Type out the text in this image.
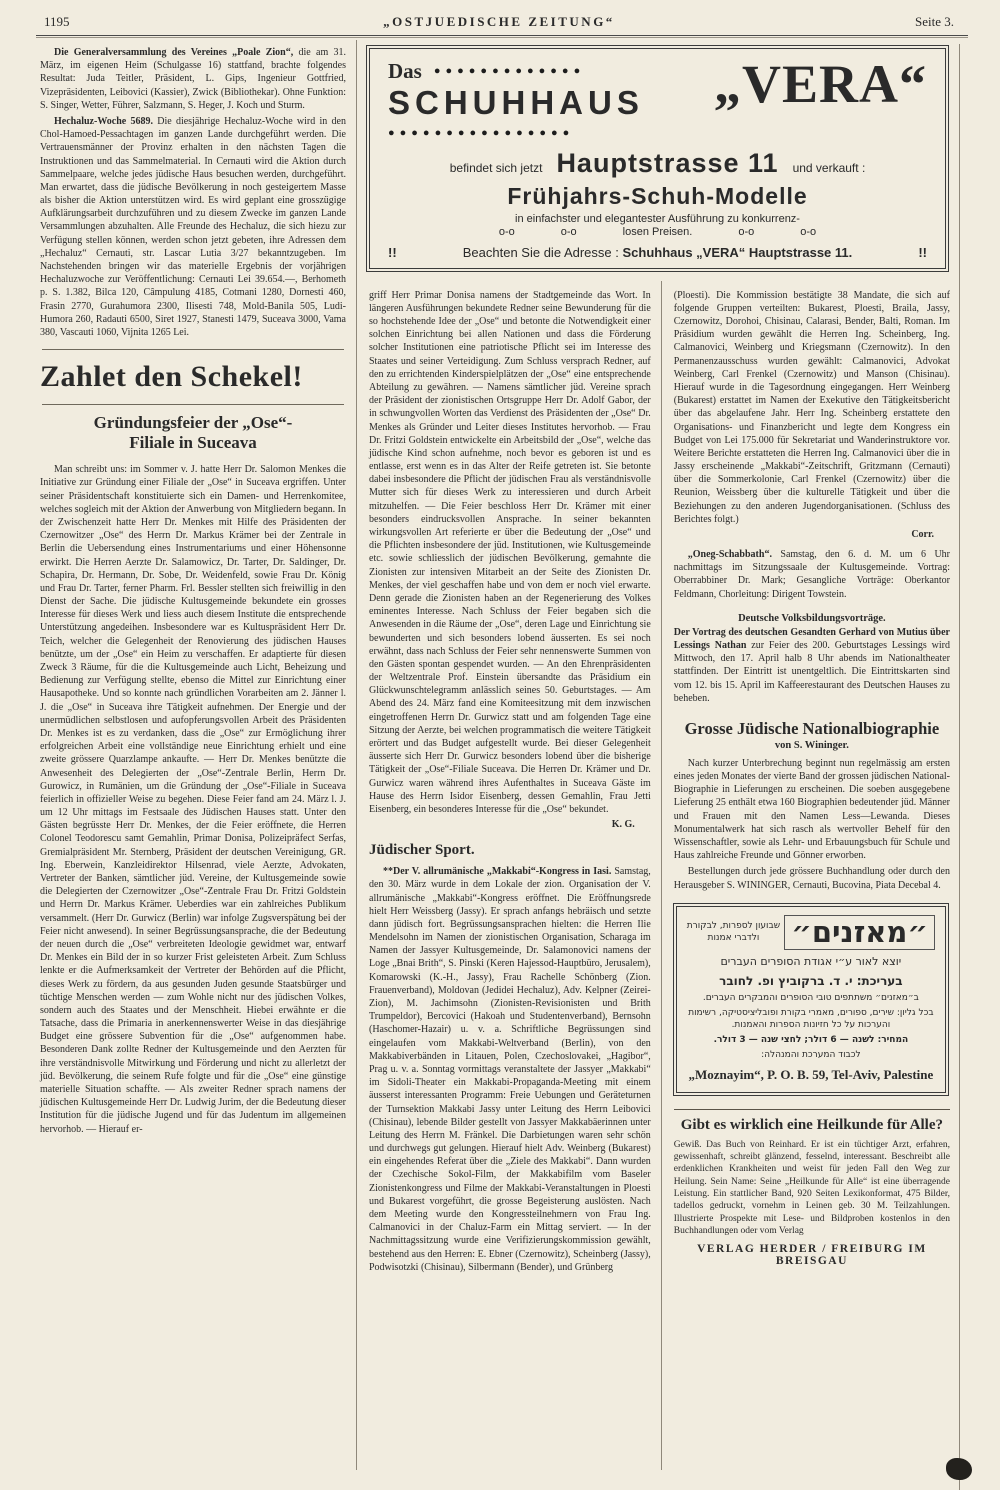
1195	„OSTJUEDISCHE ZEITUNG“	Seite 3.

Die Generalversammlung des Vereines „Poale Zion“, die am 31. März, im eigenen Heim (Schulgasse 16) stattfand, brachte folgendes Resultat: Juda Teitler, Präsident, L. Gips, Ingenieur Gottfried, Vizepräsidenten, Leibovici (Kassier), Zwick (Bibliothekar). Ohne Funktion: S. Singer, Wetter, Führer, Salzmann, S. Heger, J. Koch und Sturm.

Hechaluz-Woche 5689. Die diesjährige Hechaluz-Woche wird in den Chol-Hamoed-Pessachtagen im ganzen Lande durchgeführt werden. Die Vertrauensmänner der Provinz erhalten in den nächsten Tagen die Instruktionen und das Sammelmaterial. In Cernauti wird die Aktion durch Sammelpaare, welche jedes jüdische Haus besuchen werden, durchgeführt. Man erwartet, dass die jüdische Bevölkerung in noch gesteigertem Masse als bisher die Aktion unterstützen wird. Es wird geplant eine grosszügige Aufklärungsarbeit durchzuführen und zu diesem Zwecke im ganzen Lande Versammlungen abzuhalten. Alle Freunde des Hechaluz, die sich hiezu zur Verfügung stellen können, werden schon jetzt gebeten, ihre Adressen dem „Hechaluz“ Cernauti, str. Lascar Lutia 3/27 bekanntzugeben. Im Nachstehenden bringen wir das materielle Ergebnis der vorjährigen Hechaluzwoche zur Veröffentlichung: Cernauti Lei 39.654.—, Berhometh p. S. 1.382, Bilca 120, Câmpulung 4185, Cotmani 1280, Dornesti 460, Frasin 2770, Gurahumora 2300, Ilisesti 748, Mold-Banila 505, Ludi-Humora 260, Radauti 6500, Siret 1927, Stanesti 1479, Suceava 3000, Vama 380, Vascauti 1060, Vijnita 1265 Lei.

Zahlet den Schekel!
Gründungsfeier der „Ose“-
Filiale in Suceava

Man schreibt uns: im Sommer v. J. hatte Herr Dr. Salomon Menkes die Initiative zur Gründung einer Filiale der „Ose“ in Suceava ergriffen. Unter seiner Präsidentschaft konstituierte sich ein Damen- und Herrenkomitee, welches sogleich mit der Aktion der Anwerbung von Mitgliedern begann. In der Zwischenzeit hatte Herr Dr. Menkes mit Hilfe des Präsidenten der Czernowitzer „Ose“ des Herrn Dr. Markus Krämer bei der Zentrale in Berlin die Uebersendung eines Instrumentariums und einer Höhensonne erwirkt. Die Herren Aerzte Dr. Salamowicz, Dr. Tarter, Dr. Saldinger, Dr. Schapira, Dr. Hermann, Dr. Sobe, Dr. Weidenfeld, sowie Frau Dr. König und Frau Dr. Tarter, ferner Pharm. Frl. Bessler stellten sich freiwillig in den Dienst der Sache. Die jüdische Kultusgemeinde bekundete ein grosses Interesse für dieses Werk und liess auch diesem Institute die entsprechende Unterstützung angedeihen. Insbesondere war es Kultuspräsident Herr Dr. Teich, welcher die Gelegenheit der Renovierung des jüdischen Hauses benützte, um der „Ose“ ein Heim zu verschaffen. Er adaptierte für diesen Zweck 3 Räume, für die die Kultusgemeinde auch Licht, Beheizung und Bedienung zur Verfügung stellte, ebenso die Mittel zur Einrichtung einer Hausapotheke. Und so konnte nach gründlichen Vorarbeiten am 2. Jänner l. J. die „Ose“ in Suceava ihre Tätigkeit aufnehmen. Der Energie und der unermüdlichen selbstlosen und aufopferungsvollen Arbeit des Präsidenten Dr. Menkes ist es zu verdanken, dass die „Ose“ zur Ermöglichung ihrer erfolgreichen Arbeit eine vollständige neue Einrichtung erhielt und eine zweite grössere Quarzlampe ankaufte. — Herr Dr. Menkes benützte die Anwesenheit des Delegierten der „Ose“-Zentrale Berlin, Herrn Dr. Gurowicz, in Rumänien, um die Gründung der „Ose“-Filiale in Suceava feierlich in offizieller Weise zu begehen. Diese Feier fand am 24. März l. J. um 12 Uhr mittags im Festsaale des Jüdischen Hauses statt. Unter den Gästen begrüsste Herr Dr. Menkes, der die Feier eröffnete, die Herren Colonel Teodorescu samt Gemahlin, Primar Donisa, Polizeipräfect Serfas, Gremialpräsident Mr. Sternberg, Präsident der deutschen Vereinigung, GR. Ing. Eberwein, Kanzleidirektor Hilsenrad, viele Aerzte, Advokaten, Vertreter der Banken, sämtlicher jüd. Vereine, der Kultusgemeinde sowie die Delegierten der Czernowitzer „Ose“-Zentrale Frau Dr. Fritzi Goldstein und Herrn Dr. Markus Krämer. Ueberdies war ein zahlreiches Publikum versammelt. (Herr Dr. Gurwicz (Berlin) war infolge Zugsverspätung bei der Feier nicht anwesend). In seiner Begrüssungsansprache, die der Bedeutung der neuen durch die „Ose“ verbreiteten Ideologie gewidmet war, entwarf Dr. Menkes ein Bild der in so kurzer Frist geleisteten Arbeit. Zum Schluss lenkte er die Aufmerksamkeit der Vertreter der Behörden auf die Pflicht, dieses Werk zu fördern, da aus gesunden Juden gesunde Staatsbürger und tüchtige Menschen werden — zum Wohle nicht nur des jüdischen Volkes, sondern auch des Staates und der Menschheit. Hiebei erwähnte er die Tatsache, dass die Primaria in anerkennenswerter Weise in das diesjährige Budget eine grössere Subvention für die „Ose“ aufgenommen habe. Besonderen Dank zollte Redner der Kultusgemeinde und den Aerzten für ihre verständnisvolle Mitwirkung und Förderung und nicht zu allerletzt der jüd. Bevölkerung, die seinem Rufe folgte und für die „Ose“ eine günstige materielle Situation schaffte. — Als zweiter Redner sprach namens der jüdischen Kultusgemeinde Herr Dr. Ludwig Jurim, der die Bedeutung dieser Institution für die jüdische Jugend und für das Judentum im allgemeinen hervorhob. — Hierauf er-

Das ●●●●●●●●●●●●●
SCHUHHAUS
●●●●●●●●●●●●●●●●
„VERA“
befindet sich jetzt Hauptstrasse 11 und verkauft :
Frühjahrs-Schuh-Modelle
in einfachster und elegantester Ausführung zu konkurrenz-
o-o	o-o	losen Preisen.	o-o	o-o
!!	Beachten Sie die Adresse : Schuhhaus „VERA“ Hauptstrasse 11.	!!

griff Herr Primar Donisa namens der Stadtgemeinde das Wort. In längeren Ausführungen bekundete Redner seine Bewunderung für die so hochstehende Idee der „Ose“ und betonte die Notwendigkeit einer solchen Einrichtung bei allen Nationen und dass die Förderung solcher Institutionen eine patriotische Pflicht sei im Interesse des Staates und seiner Verteidigung. Zum Schluss versprach Redner, auf den zu errichtenden Kinderspielplätzen der „Ose“ eine entsprechende Abteilung zu gewähren. — Namens sämtlicher jüd. Vereine sprach der Präsident der zionistischen Ortsgruppe Herr Dr. Adolf Gabor, der in schwungvollen Worten das Verdienst des Präsidenten der „Ose“ Dr. Menkes als Gründer und Leiter dieses Institutes hervorhob. — Frau Dr. Fritzi Goldstein entwickelte ein Arbeitsbild der „Ose“, welche das jüdische Kind schon aufnehme, noch bevor es geboren ist und es entlasse, erst wenn es in das Alter der Reife getreten ist. Sie betonte dabei insbesondere die Pflicht der jüdischen Frau als verständnisvolle Mutter sich für dieses Werk zu interessieren und durch Arbeit mitzuhelfen. — Die Feier beschloss Herr Dr. Krämer mit einer besonders eindrucksvollen Ansprache. In seiner bekannten wirkungsvollen Art referierte er über die Bedeutung der „Ose“ und die Pflichten insbesondere der jüd. Institutionen, wie Kultusgemeinde etc. sowie schliesslich der jüdischen Bevölkerung, gemahnte die Zionisten zur intensiven Mitarbeit an der Seite des Zionisten Dr. Menkes, der viel geschaffen habe und von dem er noch viel erwarte. Denn gerade die Zionisten haben an der Regenerierung des Volkes eminentes Interesse. Nach Schluss der Feier begaben sich die Anwesenden in die Räume der „Ose“, deren Lage und Einrichtung sie bewunderten und sich besonders lobend äusserten. Es sei noch erwähnt, dass nach Schluss der Feier sehr nennenswerte Summen von den Gästen spontan gespendet wurden. — An den Ehrenpräsidenten der Weltzentrale Prof. Einstein übersandte das Präsidium ein Glückwunschtelegramm anlässlich seines 50. Geburtstages. — Am Abend des 24. März fand eine Komiteesitzung mit dem inzwischen eingetroffenen Herrn Dr. Gurwicz statt und am folgenden Tage eine Sitzung der Aerzte, bei welchen programmatisch die weitere Tätigkeit erörtert und das Budget aufgestellt wurde. Bei dieser Gelegenheit äusserte sich Herr Dr. Gurwicz besonders lobend über die bisherige Tätigkeit der „Ose“-Filiale Suceava. Die Herren Dr. Krämer und Dr. Gurwicz waren während ihres Aufenthaltes in Suceava Gäste im Hause des Herrn Isidor Eisenberg, dessen Gemahlin, Frau Jetti Eisenberg, ein besonderes Interesse für die „Ose“ bekundet.

K. G.
Jüdischer Sport.

**Der V. allrumänische „Makkabi“-Kongress in Iasi. Samstag, den 30. März wurde in dem Lokale der zion. Organisation der V. allrumänische „Makkabi“-Kongress eröffnet. Die Eröffnungsrede hielt Herr Weissberg (Jassy). Er sprach anfangs hebräisch und setzte dann jüdisch fort. Begrüssungsansprachen hielten: die Herren Ilie Mendelsohn im Namen der zionistischen Organisation, Scharaga im Namen der Jassyer Kultusgemeinde, Dr. Salamonovici namens der Loge „Bnai Brith“, S. Pinski (Keren Hajessod-Hauptbüro, Jerusalem), Komarowski (K.-H., Jassy), Frau Rachelle Schönberg (Zion. Frauenverband), Moldovan (Jedidei Hechaluz), Adv. Kelpner (Zeirei-Zion), M. Jachimsohn (Zionisten-Revisionisten und Brith Trumpeldor), Bercovici (Hakoah und Studentenverband), Bernsohn (Haschomer-Hazair) u. v. a. Schriftliche Begrüssungen sind eingelaufen vom Makkabi-Weltverband (Berlin), von den Makkabiverbänden in Litauen, Polen, Czechoslovakei, „Hagibor“, Prag u. v. a. Sonntag vormittags veranstaltete der Jassyer „Makkabi“ im Sidoli-Theater ein Makkabi-Propaganda-Meeting mit einem äusserst interessanten Programm: Freie Uebungen und Geräteturnen der Turnsektion Makkabi Jassy unter Leitung des Herrn Leibovici (Chisinau), lebende Bilder gestellt von Jassyer Makkabäerinnen unter Leitung des Herrn M. Fränkel. Die Darbietungen waren sehr schön und durchwegs gut gelungen. Hierauf hielt Adv. Weinberg (Bukarest) ein eingehendes Referat über die „Ziele des Makkabi“. Dann wurden der Czechische Sokol-Film, der Makkabifilm vom Baseler Zionistenkongress und Filme der Makkabi-Veranstaltungen in Ploesti und Bukarest vorgeführt, die grosse Begeisterung auslösten. Nach dem Meeting wurde den Kongressteilnehmern von Frau Ing. Calmanovici in der Chaluz-Farm ein Mittag serviert. — In der Nachmittagssitzung wurde eine Verifizierungskommission gewählt, bestehend aus den Herren: E. Ebner (Czernowitz), Scheinberg (Jassy), Podwisotzki (Chisinau), Silbermann (Bender), und Grünberg

(Ploesti). Die Kommission bestätigte 38 Mandate, die sich auf folgende Gruppen verteilten: Bukarest, Ploesti, Braila, Jassy, Czernowitz, Dorohoi, Chisinau, Calarasi, Bender, Balti, Roman. Im Präsidium wurden gewählt die Herren Ing. Scheinberg, Ing. Calmanovici, Weinberg und Kriegsmann (Czernowitz). In den Permanenzausschuss wurden gewählt: Calmanovici, Advokat Weinberg, Carl Frenkel (Czernowitz) und Manson (Chisinau). Hierauf wurde in die Tagesordnung eingegangen. Herr Weinberg (Bukarest) erstattet im Namen der Exekutive den Tätigkeitsbericht über das abgelaufene Jahr. Herr Ing. Scheinberg erstattete den Organisations- und Finanzbericht und legte dem Kongress ein Budget von Lei 175.000 für Sekretariat und Wanderinstruktore vor. Weitere Berichte erstatteten die Herren Ing. Calmanovici über die in Jassy erscheinende „Makkabi“-Zeitschrift, Gritzmann (Cernauti) über die Sommerkolonie, Carl Frenkel (Czernowitz) über die Reunion, Weissberg über die kulturelle Tätigkeit und über die Beziehungen zu den anderen Jugendorganisationen. (Schluss des Berichtes folgt.)

Corr.

„Oneg-Schabbath“. Samstag, den 6. d. M. um 6 Uhr nachmittags im Sitzungssaale der Kultusgemeinde. Vortrag: Oberrabbiner Dr. Mark; Gesangliche Vorträge: Oberkantor Feldmann, Chorleitung: Dirigent Towstein.

Deutsche Volksbildungsvorträge.

Der Vortrag des deutschen Gesandten Gerhard von Mutius über Lessings Nathan zur Feier des 200. Geburtstages Lessings wird Mittwoch, den 17. April halb 8 Uhr abends im Nationaltheater stattfinden. Der Eintritt ist unentgeltlich. Die Eintrittskarten sind vom 12. bis 15. April im Kaffeerestaurant des Deutschen Hauses zu beheben.

Grosse Jüdische Nationalbiographie
von S. Wininger.

Nach kurzer Unterbrechung beginnt nun regelmässig am ersten eines jeden Monates der vierte Band der grossen jüdischen National-Biographie in Lieferungen zu erscheinen. Die soeben ausgegebene Lieferung 25 enthält etwa 160 Biographien bedeutender jüd. Männer und Frauen mit den Namen Less—Lewanda. Dieses Monumentalwerk hat sich rasch als wertvoller Behelf für den Wissenschaftler, sowie als Lehr- und Erbauungsbuch für Schule und Haus zahlreiche Freunde und Gönner erworben.

Bestellungen durch jede grössere Buchhandlung oder durch den Herausgeber S. WININGER, Cernauti, Bucovina, Piata Decebal 4.

״מאזנים״
שבועון לספרות, לבקורת
ולדברי אמנות
יוצא לאור ע״י אגודת הסופרים העברים
בעריכת: י. ד. ברקוביץ ופ. לחובר
ב״מאזנים״ משתתפים טובי הסופרים והמבקרים העברים.
בכל גליון: שירים, ספורים, מאמרי בקורת ופובליציסטיקה, רשימות והערכות על כל חזיונות הספרות והאמנות.
המחיר: לשנה — 6 דולר; לחצי שנה — 3 דולר.
לכבוד המערכת והמנהלה:
„Moznayim“, P. O. B. 59, Tel-Aviv, Palestine
Gibt es wirklich eine Heilkunde für Alle?

Gewiß. Das Buch von Reinhard. Er ist ein tüchtiger Arzt, erfahren, gewissenhaft, schreibt glänzend, fesselnd, interessant. Beschreibt alle erdenklichen Krankheiten und weist für jeden Fall den Weg zur Heilung. Sein Name: Seine „Heilkunde für Alle“ ist eine überragende Leistung. Ein stattlicher Band, 920 Seiten Lexikonformat, 475 Bilder, tadellos gedruckt, vornehm in Leinen geb. 30 M. Teilzahlungen. Illustrierte Prospekte mit Lese- und Bildproben kostenlos in den Buchhandlungen oder vom Verlag

VERLAG HERDER / FREIBURG IM BREISGAU
